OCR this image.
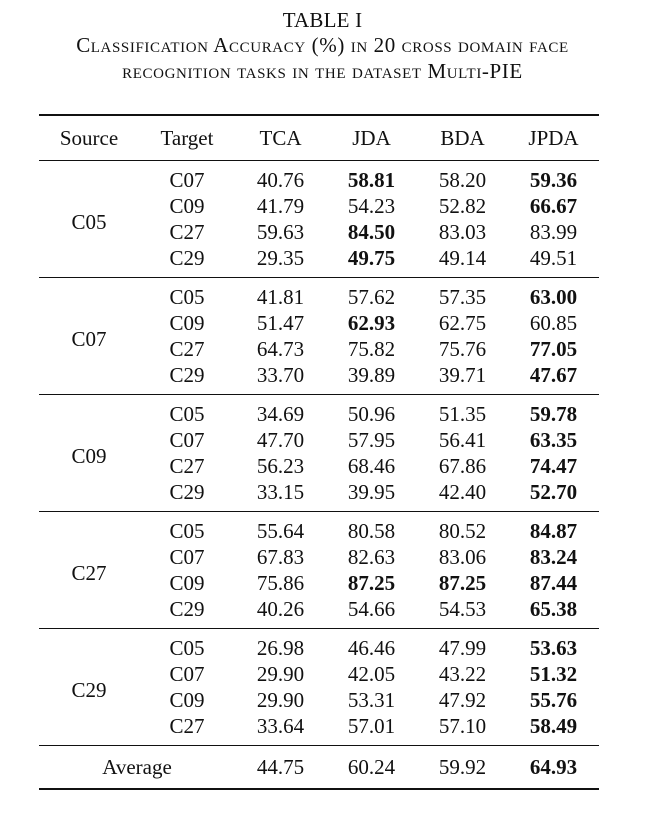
TABLE I
Classification Accuracy (%) in 20 cross domain face
recognition tasks in the dataset Multi-PIE
Source	Target	TCA	JDA	BDA	JPDA
C05	C07	40.76	58.81	58.20	59.36
	C09	41.79	54.23	52.82	66.67
	C27	59.63	84.50	83.03	83.99
	C29	29.35	49.75	49.14	49.51
C07	C05	41.81	57.62	57.35	63.00
	C09	51.47	62.93	62.75	60.85
	C27	64.73	75.82	75.76	77.05
	C29	33.70	39.89	39.71	47.67
C09	C05	34.69	50.96	51.35	59.78
	C07	47.70	57.95	56.41	63.35
	C27	56.23	68.46	67.86	74.47
	C29	33.15	39.95	42.40	52.70
C27	C05	55.64	80.58	80.52	84.87
	C07	67.83	82.63	83.06	83.24
	C09	75.86	87.25	87.25	87.44
	C29	40.26	54.66	54.53	65.38
C29	C05	26.98	46.46	47.99	53.63
	C07	29.90	42.05	43.22	51.32
	C09	29.90	53.31	47.92	55.76
	C27	33.64	57.01	57.10	58.49
Average		44.75	60.24	59.92	64.93
